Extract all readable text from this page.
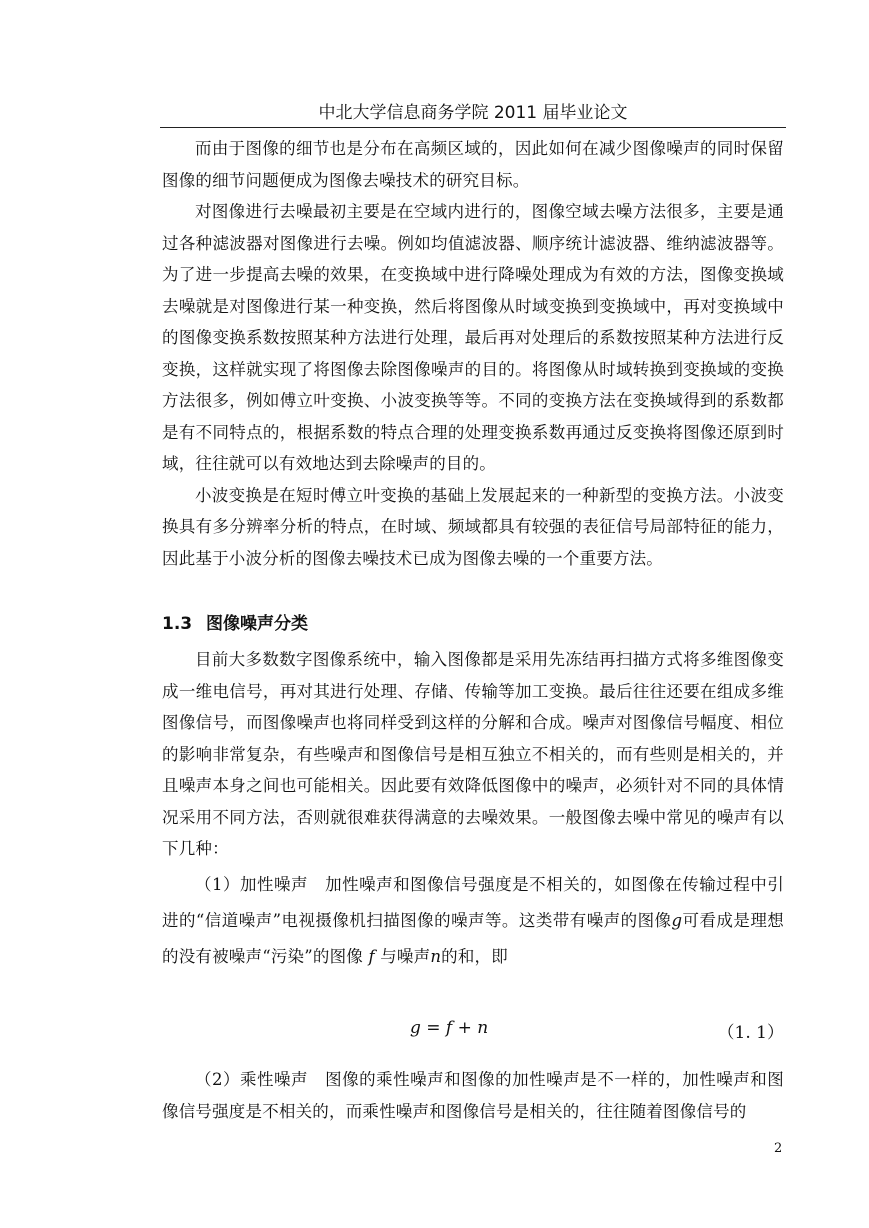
中北大学信息商务学院 2011 届毕业论文

而由于图像的细节也是分布在高频区域的，因此如何在减少图像噪声的同时保留图像的细节问题便成为图像去噪技术的研究目标。

对图像进行去噪最初主要是在空域内进行的，图像空域去噪方法很多，主要是通过各种滤波器对图像进行去噪。例如均值滤波器、顺序统计滤波器、维纳滤波器等。为了进一步提高去噪的效果，在变换域中进行降噪处理成为有效的方法，图像变换域去噪就是对图像进行某一种变换，然后将图像从时域变换到变换域中，再对变换域中的图像变换系数按照某种方法进行处理，最后再对处理后的系数按照某种方法进行反变换，这样就实现了将图像去除图像噪声的目的。将图像从时域转换到变换域的变换方法很多，例如傅立叶变换、小波变换等等。不同的变换方法在变换域得到的系数都是有不同特点的，根据系数的特点合理的处理变换系数再通过反变换将图像还原到时域，往往就可以有效地达到去除噪声的目的。

小波变换是在短时傅立叶变换的基础上发展起来的一种新型的变换方法。小波变换具有多分辨率分析的特点，在时域、频域都具有较强的表征信号局部特征的能力，因此基于小波分析的图像去噪技术已成为图像去噪的一个重要方法。

1.3 图像噪声分类

目前大多数数字图像系统中，输入图像都是采用先冻结再扫描方式将多维图像变成一维电信号，再对其进行处理、存储、传输等加工变换。最后往往还要在组成多维图像信号，而图像噪声也将同样受到这样的分解和合成。噪声对图像信号幅度、相位的影响非常复杂，有些噪声和图像信号是相互独立不相关的，而有些则是相关的，并且噪声本身之间也可能相关。因此要有效降低图像中的噪声，必须针对不同的具体情况采用不同方法，否则就很难获得满意的去噪效果。一般图像去噪中常见的噪声有以下几种：

（1）加性噪声　 加性噪声和图像信号强度是不相关的，如图像在传输过程中引进的“信道噪声”电视摄像机扫描图像的噪声等。这类带有噪声的图像g可看成是理想的没有被噪声“污染”的图像 f 与噪声n的和，即

g = f + n	（1. 1）

（2）乘性噪声　 图像的乘性噪声和图像的加性噪声是不一样的，加性噪声和图像信号强度是不相关的，而乘性噪声和图像信号是相关的，往往随着图像信号的

2
